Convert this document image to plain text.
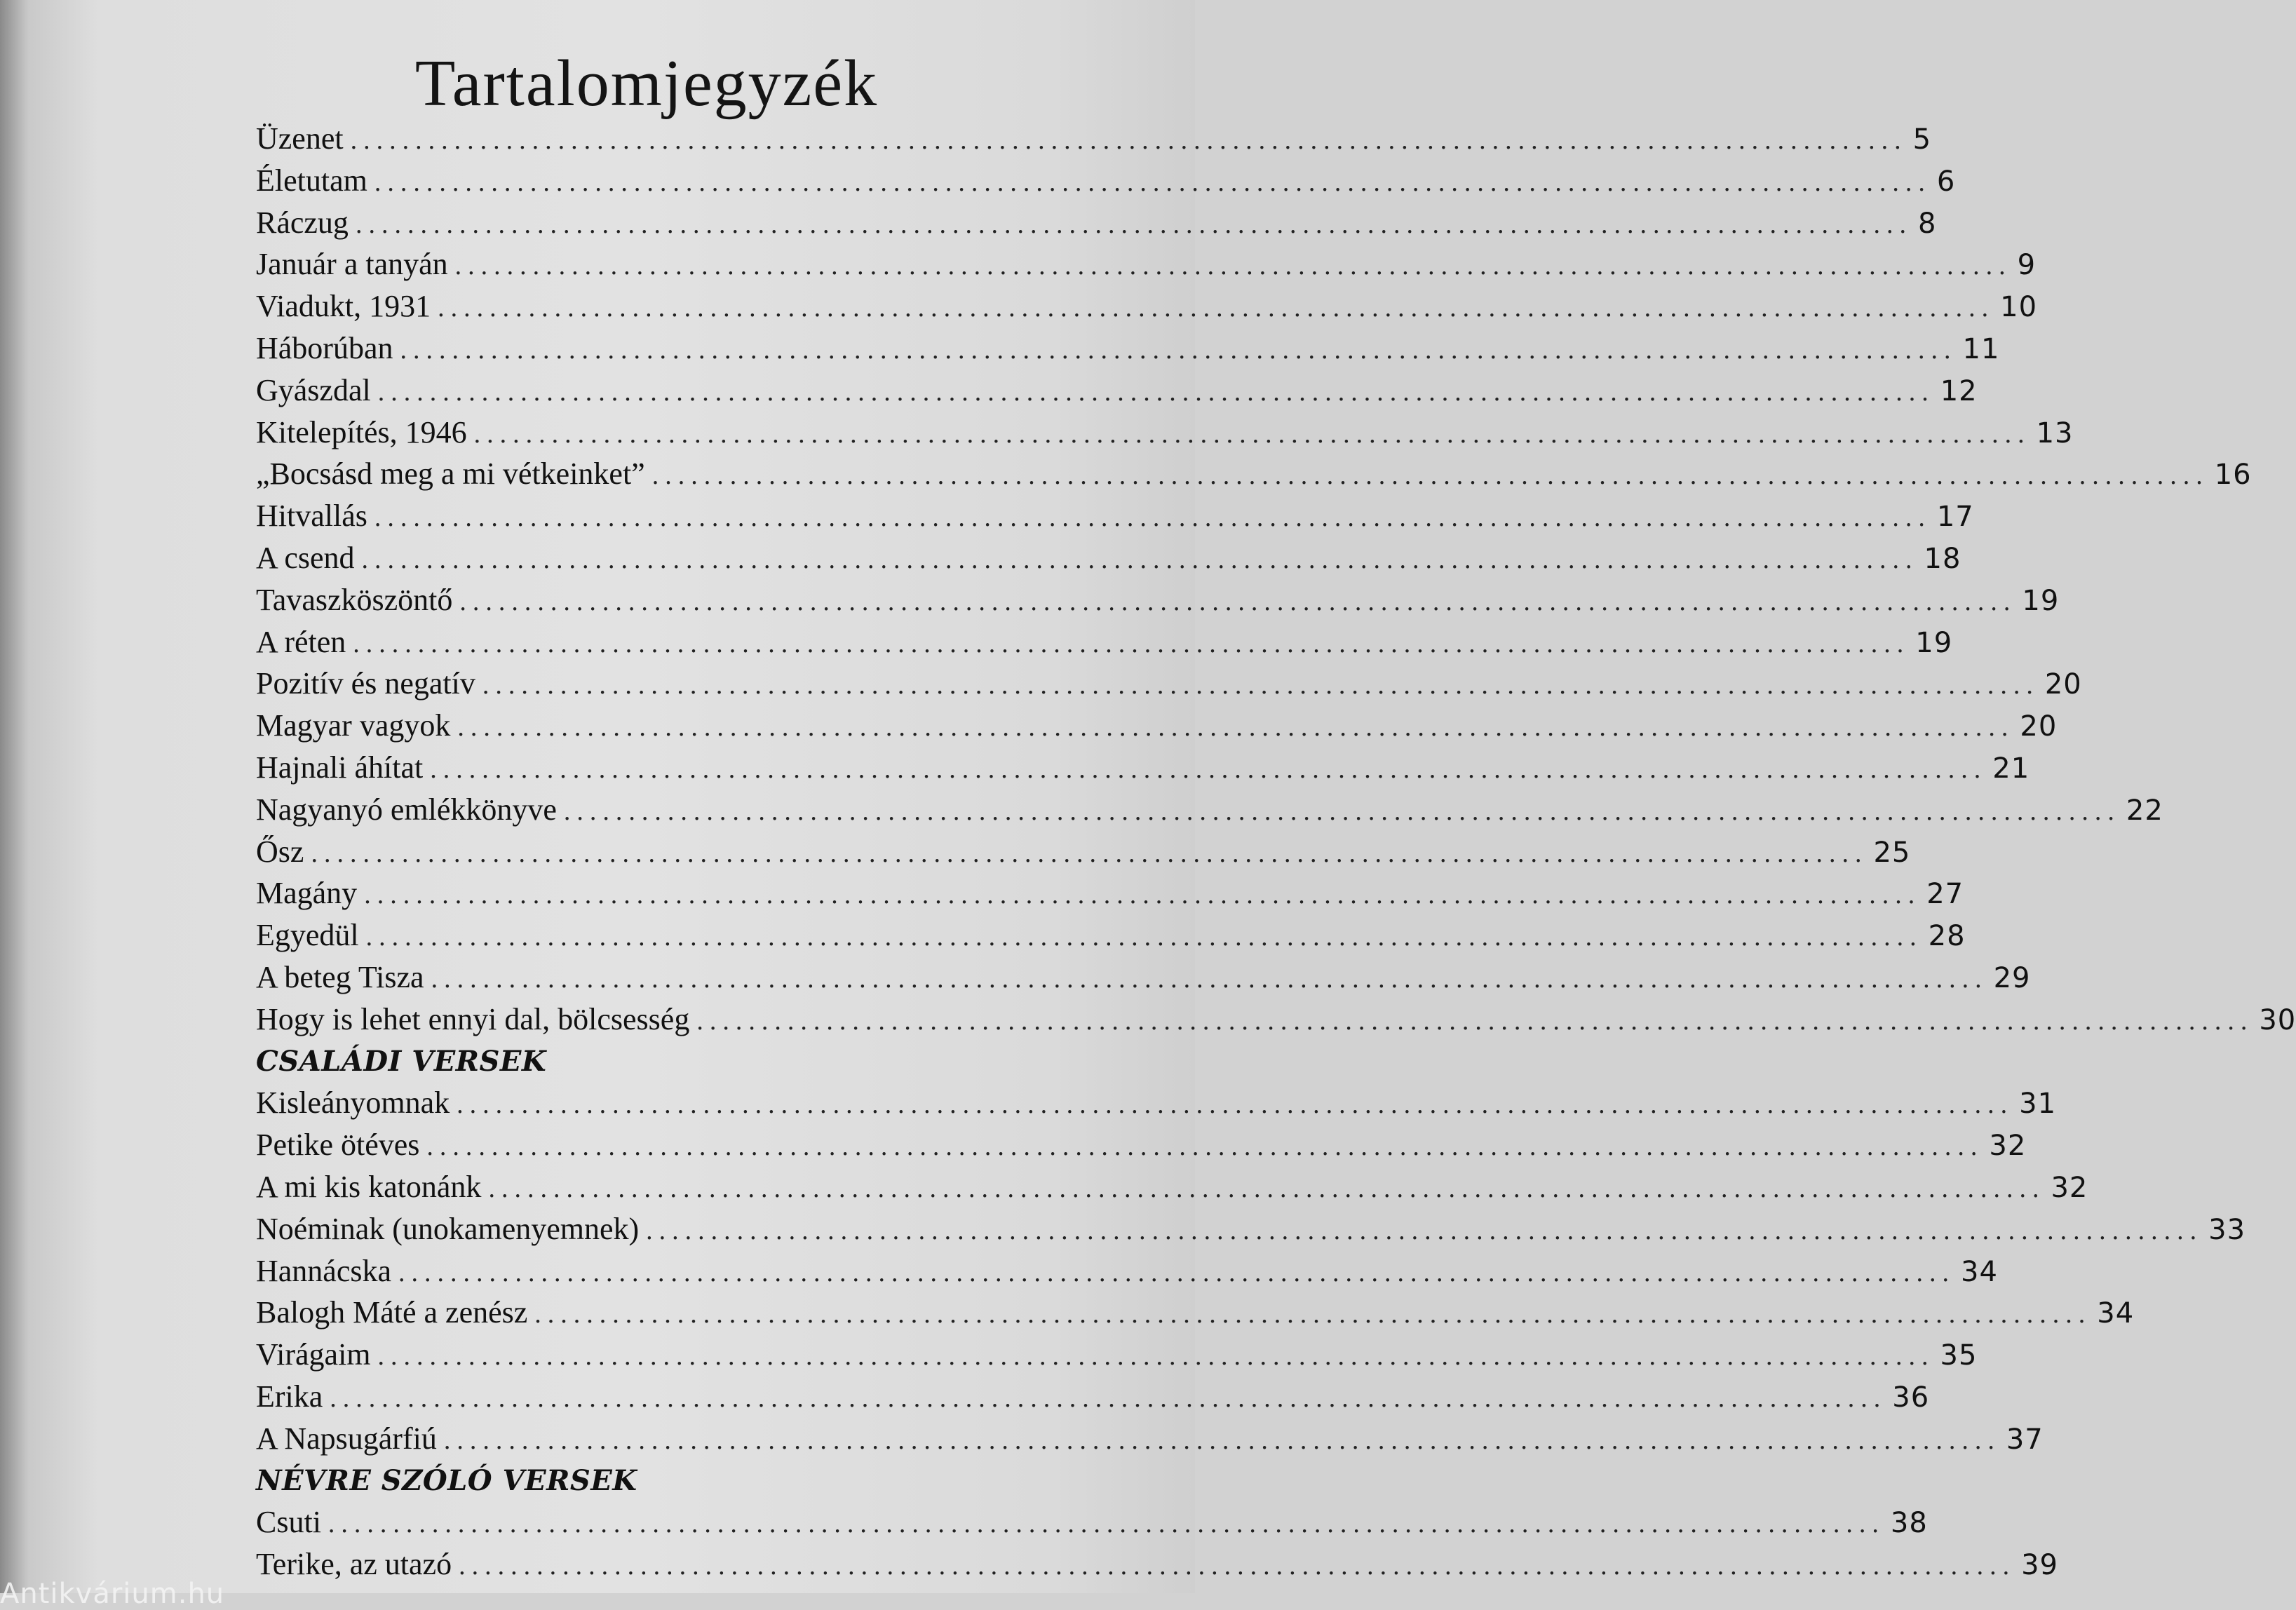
Tartalomjegyzék
Üzenet ........................................................................................................................ 5
Életutam ........................................................................................................................ 6
Ráczug ........................................................................................................................ 8
Január a tanyán ........................................................................................................................ 9
Viadukt, 1931 ........................................................................................................................ 10
Háborúban ........................................................................................................................ 11
Gyászdal ........................................................................................................................ 12
Kitelepítés, 1946 ........................................................................................................................ 13
„Bocsásd meg a mi vétkeinket” ........................................................................................................................ 16
Hitvallás ........................................................................................................................ 17
A csend ........................................................................................................................ 18
Tavaszköszöntő ........................................................................................................................ 19
A réten ........................................................................................................................ 19
Pozitív és negatív ........................................................................................................................ 20
Magyar vagyok ........................................................................................................................ 20
Hajnali áhítat ........................................................................................................................ 21
Nagyanyó emlékkönyve ........................................................................................................................ 22
Ősz ........................................................................................................................ 25
Magány ........................................................................................................................ 27
Egyedül ........................................................................................................................ 28
A beteg Tisza ........................................................................................................................ 29
Hogy is lehet ennyi dal, bölcsesség ........................................................................................................................ 30
CSALÁDI VERSEK
Kisleányomnak ........................................................................................................................ 31
Petike ötéves ........................................................................................................................ 32
A mi kis katonánk ........................................................................................................................ 32
Noéminak (unokamenyemnek) ........................................................................................................................ 33
Hannácska ........................................................................................................................ 34
Balogh Máté a zenész ........................................................................................................................ 34
Virágaim ........................................................................................................................ 35
Erika ........................................................................................................................ 36
A Napsugárfiú ........................................................................................................................ 37
NÉVRE SZÓLÓ VERSEK
Csuti ........................................................................................................................ 38
Terike, az utazó ........................................................................................................................ 39
Antikvárium.hu
